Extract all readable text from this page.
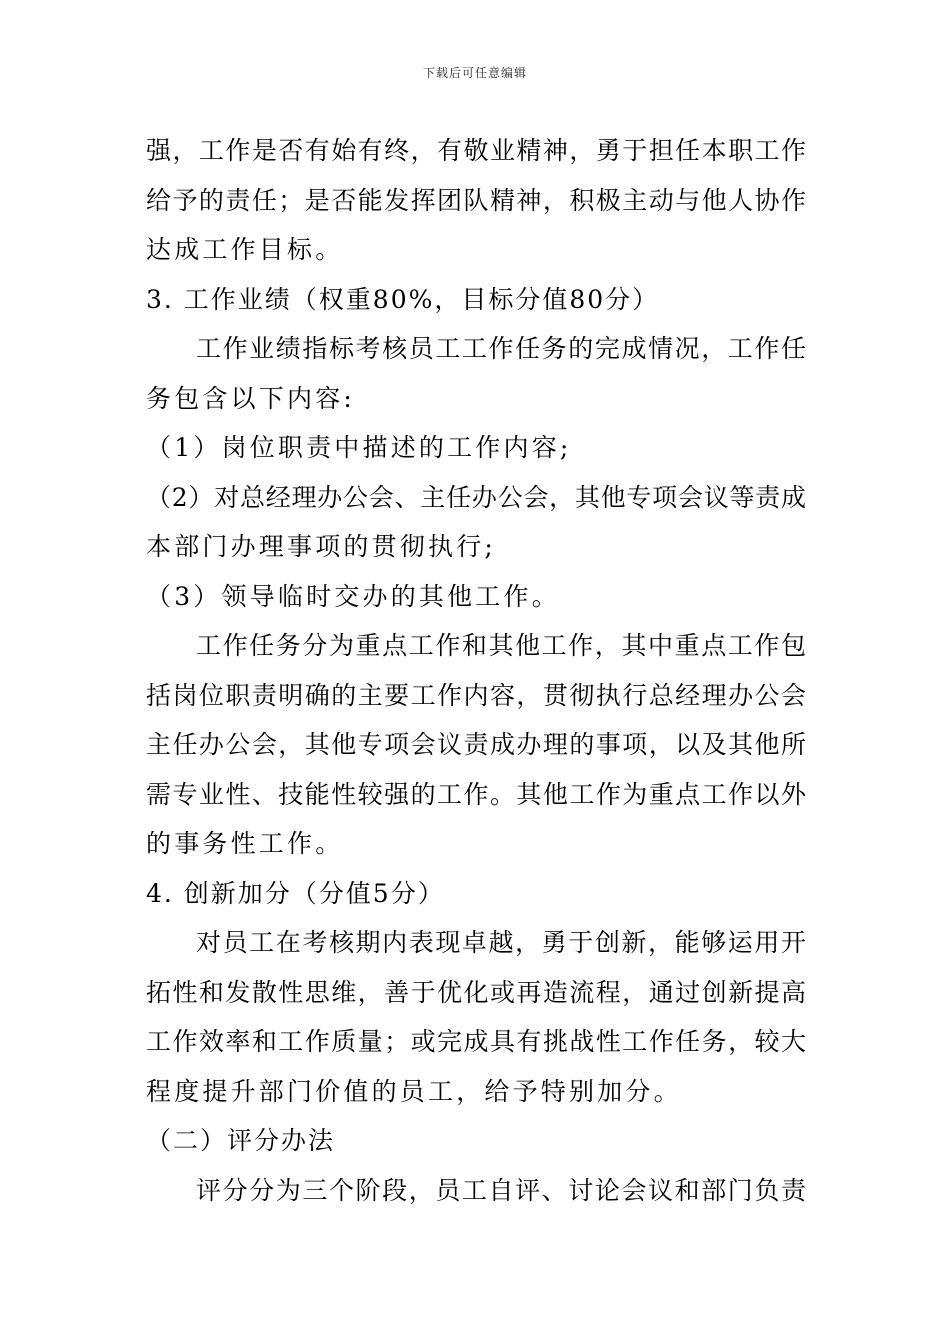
下载后可任意编辑
强，工作是否有始有终，有敬业精神，勇于担任本职工作
给予的责任；是否能发挥团队精神，积极主动与他人协作
达成工作目标。
3. 工作业绩（权重80%，目标分值80分）
工作业绩指标考核员工工作任务的完成情况，工作任
务包含以下内容:
（1）岗位职责中描述的工作内容;
（2）对总经理办公会、主任办公会，其他专项会议等责成
本部门办理事项的贯彻执行;
（3）领导临时交办的其他工作。
工作任务分为重点工作和其他工作，其中重点工作包
括岗位职责明确的主要工作内容，贯彻执行总经理办公会
主任办公会，其他专项会议责成办理的事项，以及其他所
需专业性、技能性较强的工作。其他工作为重点工作以外
的事务性工作。
4. 创新加分（分值5分）
对员工在考核期内表现卓越，勇于创新，能够运用开
拓性和发散性思维，善于优化或再造流程，通过创新提高
工作效率和工作质量；或完成具有挑战性工作任务，较大
程度提升部门价值的员工，给予特别加分。
（二）评分办法
评分分为三个阶段，员工自评、讨论会议和部门负责
